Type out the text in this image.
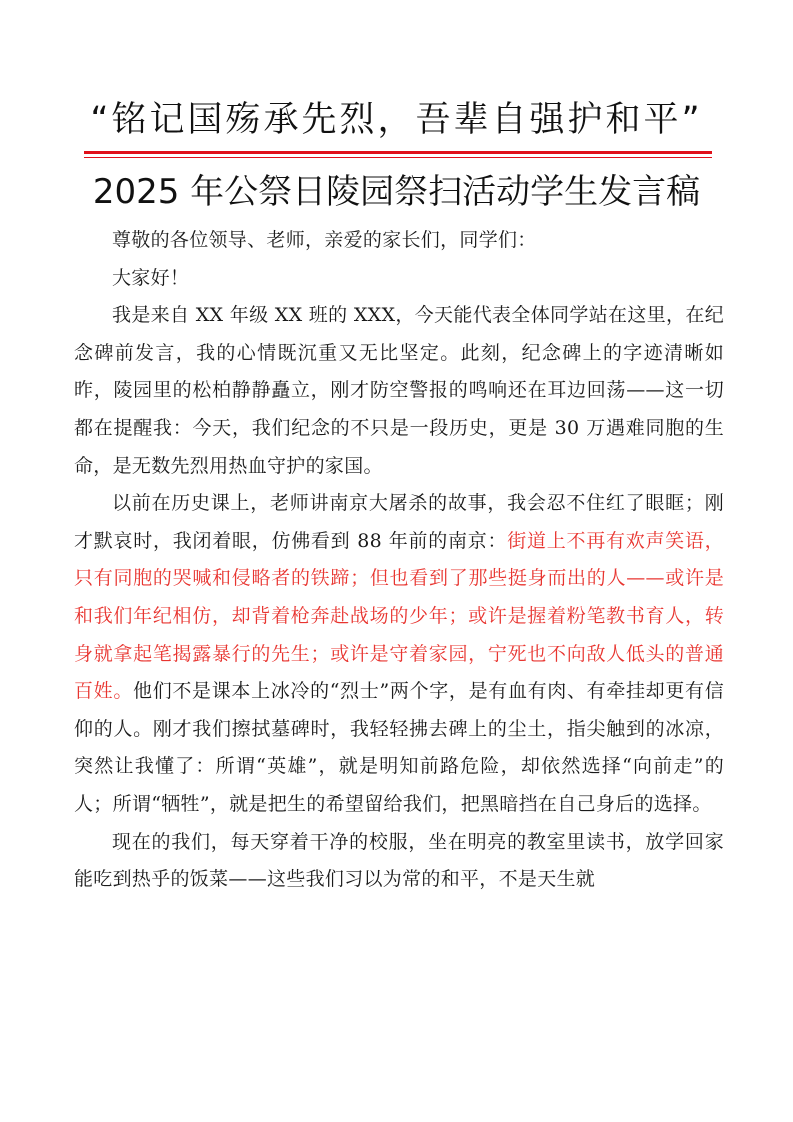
“铭记国殇承先烈，吾辈自强护和平”
2025 年公祭日陵园祭扫活动学生发言稿

尊敬的各位领导、老师，亲爱的家长们，同学们：

大家好！

我是来自 XX 年级 XX 班的 XXX，今天能代表全体同学站在这里，在纪念碑前发言，我的心情既沉重又无比坚定。此刻，纪念碑上的字迹清晰如昨，陵园里的松柏静静矗立，刚才防空警报的鸣响还在耳边回荡——这一切都在提醒我：今天，我们纪念的不只是一段历史，更是 30 万遇难同胞的生命，是无数先烈用热血守护的家国。

以前在历史课上，老师讲南京大屠杀的故事，我会忍不住红了眼眶；刚才默哀时，我闭着眼，仿佛看到 88 年前的南京：街道上不再有欢声笑语，只有同胞的哭喊和侵略者的铁蹄；但也看到了那些挺身而出的人——或许是和我们年纪相仿，却背着枪奔赴战场的少年；或许是握着粉笔教书育人，转身就拿起笔揭露暴行的先生；或许是守着家园，宁死也不向敌人低头的普通百姓。他们不是课本上冰冷的“烈士”两个字，是有血有肉、有牵挂却更有信仰的人。刚才我们擦拭墓碑时，我轻轻拂去碑上的尘土，指尖触到的冰凉，突然让我懂了：所谓“英雄”，就是明知前路危险，却依然选择“向前走”的人；所谓“牺牲”，就是把生的希望留给我们，把黑暗挡在自己身后的选择。

现在的我们，每天穿着干净的校服，坐在明亮的教室里读书，放学回家能吃到热乎的饭菜——这些我们习以为常的和平，不是天生就
